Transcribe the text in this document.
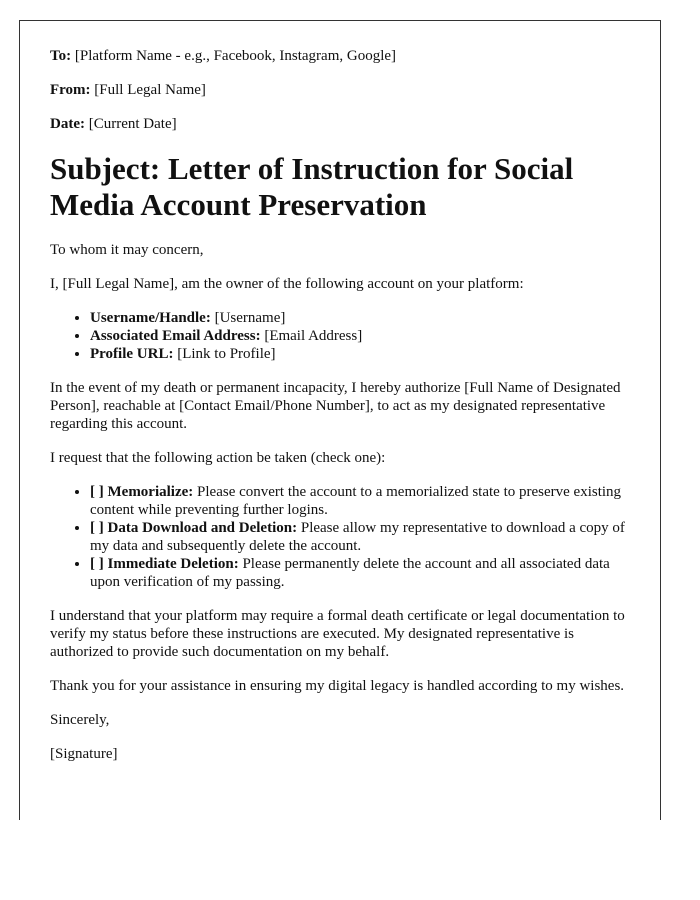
To: [Platform Name - e.g., Facebook, Instagram, Google]
From: [Full Legal Name]
Date: [Current Date]
Subject: Letter of Instruction for Social Media Account Preservation

To whom it may concern,

I, [Full Legal Name], am the owner of the following account on your platform:

• Username/Handle: [Username]
• Associated Email Address: [Email Address]
• Profile URL: [Link to Profile]

In the event of my death or permanent incapacity, I hereby authorize [Full Name of Designated Person], reachable at [Contact Email/Phone Number], to act as my designated representative regarding this account.

I request that the following action be taken (check one):

• [ ] Memorialize: Please convert the account to a memorialized state to preserve existing content while preventing further logins.
• [ ] Data Download and Deletion: Please allow my representative to download a copy of my data and subsequently delete the account.
• [ ] Immediate Deletion: Please permanently delete the account and all associated data upon verification of my passing.

I understand that your platform may require a formal death certificate or legal documentation to verify my status before these instructions are executed. My designated representative is authorized to provide such documentation on my behalf.

Thank you for your assistance in ensuring my digital legacy is handled according to my wishes.

Sincerely,

[Signature]
